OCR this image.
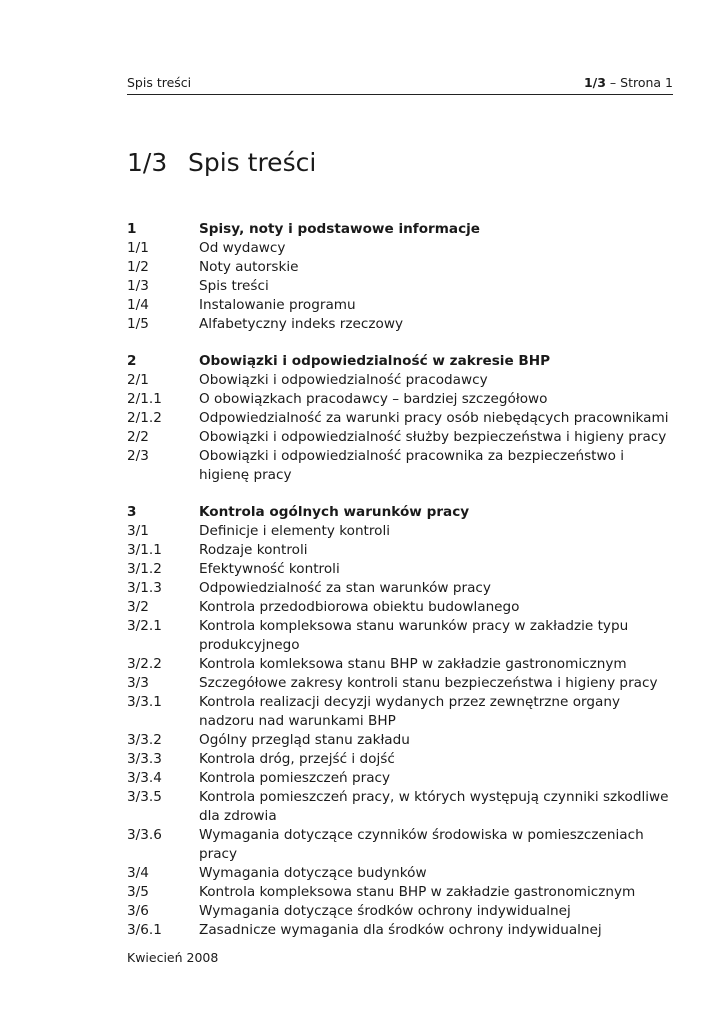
Spis treści	1/3 – Strona 1
1/3 Spis treści
1	Spisy, noty i podstawowe informacje
1/1	Od wydawcy
1/2	Noty autorskie
1/3	Spis treści
1/4	Instalowanie programu
1/5	Alfabetyczny indeks rzeczowy
2	Obowiązki i odpowiedzialność w zakresie BHP
2/1	Obowiązki i odpowiedzialność pracodawcy
2/1.1	O obowiązkach pracodawcy – bardziej szczegółowo
2/1.2	Odpowiedzialność za warunki pracy osób niebędących pracownikami
2/2	Obowiązki i odpowiedzialność służby bezpieczeństwa i higieny pracy
2/3	Obowiązki i odpowiedzialność pracownika za bezpieczeństwo i higienę pracy
3	Kontrola ogólnych warunków pracy
3/1	Definicje i elementy kontroli
3/1.1	Rodzaje kontroli
3/1.2	Efektywność kontroli
3/1.3	Odpowiedzialność za stan warunków pracy
3/2	Kontrola przedodbiorowa obiektu budowlanego
3/2.1	Kontrola kompleksowa stanu warunków pracy w zakładzie typu produkcyjnego
3/2.2	Kontrola komleksowa stanu BHP w zakładzie gastronomicznym
3/3	Szczegółowe zakresy kontroli stanu bezpieczeństwa i higieny pracy
3/3.1	Kontrola realizacji decyzji wydanych przez zewnętrzne organy nadzoru nad warunkami BHP
3/3.2	Ogólny przegląd stanu zakładu
3/3.3	Kontrola dróg, przejść i dojść
3/3.4	Kontrola pomieszczeń pracy
3/3.5	Kontrola pomieszczeń pracy, w których występują czynniki szkodliwe dla zdrowia
3/3.6	Wymagania dotyczące czynników środowiska w pomieszczeniach pracy
3/4	Wymagania dotyczące budynków
3/5	Kontrola kompleksowa stanu BHP w zakładzie gastronomicznym
3/6	Wymagania dotyczące środków ochrony indywidualnej
3/6.1	Zasadnicze wymagania dla środków ochrony indywidualnej
Kwiecień 2008
